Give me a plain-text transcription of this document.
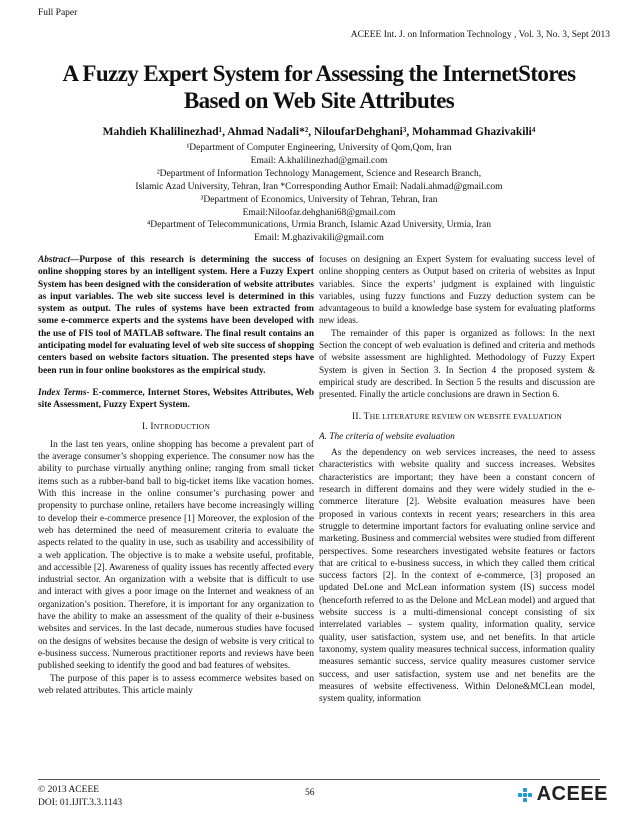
Full Paper
ACEEE Int. J. on Information Technology , Vol. 3, No. 3, Sept 2013
A Fuzzy Expert System for Assessing the InternetStores
Based on Web Site Attributes
Mahdieh Khalilinezhad¹, Ahmad Nadali*², NiloufarDehghani³, Mohammad Ghazivakili⁴

¹Department of Computer Engineering, University of Qom,Qom, Iran

Email: A.khalilinezhad@gmail.com

²Department of Information Technology Management, Science and Research Branch,

Islamic Azad University, Tehran, Iran *Corresponding Author Email: Nadali.ahmad@gmail.com

³Department of Economics, University of Tehran, Tehran, Iran

Email:Niloofar.dehghani68@gmail.com

⁴Department of Telecommunications, Urmia Branch, Islamic Azad University, Urmia, Iran

Email: M.ghazivakili@gmail.com

Abstract—Purpose of this research is determining the success of online shopping stores by an intelligent system. Here a Fuzzy Expert System has been designed with the consideration of website attributes as input variables. The web site success level is determined in this system as output. The rules of systems have been extracted from some e-commerce experts and the systems have been developed with the use of FIS tool of MATLAB software. The final result contains an anticipating model for evaluating level of web site success of shopping centers based on website factors situation. The presented steps have been run in four online bookstores as the empirical study.

Index Terms- E-commerce, Internet Stores, Websites Attributes, Web site Assessment, Fuzzy Expert System.

I. INTRODUCTION

In the last ten years, online shopping has become a prevalent part of the average consumer’s shopping experience. The consumer now has the ability to purchase virtually anything online; ranging from small ticket items such as a rubber-band ball to big-ticket items like vacation homes. With this increase in the online consumer’s purchasing power and propensity to purchase online, retailers have become increasingly willing to develop their e-commerce presence [1] Moreover, the explosion of the web has determined the need of measurement criteria to evaluate the aspects related to the quality in use, such as usability and accessibility of a web application. The objective is to make a website useful, profitable, and accessible [2]. Awareness of quality issues has recently affected every industrial sector. An organization with a website that is difficult to use and interact with gives a poor image on the Internet and weakness of an organization’s position. Therefore, it is important for any organization to have the ability to make an assessment of the quality of their e-business websites and services. In the last decade, numerous studies have focused on the designs of websites because the design of website is very critical to e-business success. Numerous practitioner reports and reviews have been published seeking to identify the good and bad features of websites.

The purpose of this paper is to assess ecommerce websites based on web related attributes. This article mainly

focuses on designing an Expert System for evaluating success level of online shopping centers as Output based on criteria of websites as Input variables. Since the experts’ judgment is explained with linguistic variables, using fuzzy functions and Fuzzy deduction system can be advantageous to build a knowledge base system for evaluating platforms new ideas.

The remainder of this paper is organized as follows: In the next Section the concept of web evaluation is defined and criteria and methods of website assessment are highlighted. Methodology of Fuzzy Expert System is given in Section 3. In Section 4 the proposed system & empirical study are described. In Section 5 the results and discussion are presented. Finally the article conclusions are drawn in Section 6.

II. THE LITERATURE REVIEW ON WEBSITE EVALUATION

A. The criteria of website evaluation

As the dependency on web services increases, the need to assess characteristics with website quality and success increases. Websites characteristics are important; they have been a constant concern of research in different domains and they were widely studied in the e-commerce literature [2]. Website evaluation measures have been proposed in various contexts in recent years; researchers in this area struggle to determine important factors for evaluating online service and marketing. Business and commercial websites were studied from different perspectives. Some researchers investigated website features or factors that are critical to e-business success, in which they called them critical success factors [2]. In the context of e-commerce, [3] proposed an updated DeLone and McLean information system (IS) success model (henceforth referred to as the Delone and McLean model) and argued that website success is a multi-dimensional concept consisting of six interrelated variables – system quality, information quality, service quality, user satisfaction, system use, and net benefits. In that article taxonomy, system quality measures technical success, information quality measures semantic success, service quality measures customer service success, and user satisfaction, system use and net benefits are the measures of website effectiveness. Within Delone&MCLean model, system quality, information

© 2013 ACEEE
DOI: 01.IJIT.3.3.1143
56	ACEEE
